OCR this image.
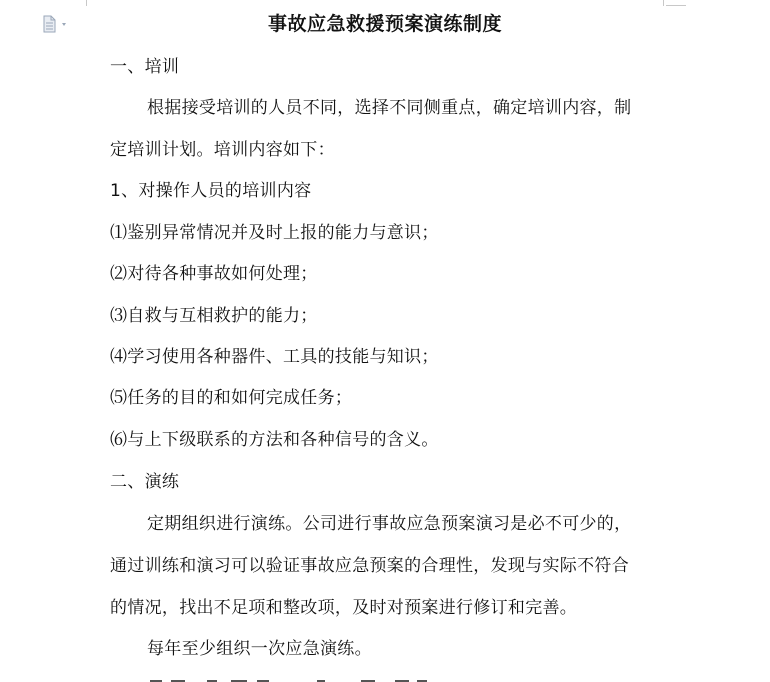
事故应急救援预案演练制度
一、培训
根据接受培训的人员不同，选择不同侧重点，确定培训内容，制
定培训计划。培训内容如下：
1、对操作人员的培训内容
⑴鉴别异常情况并及时上报的能力与意识；
⑵对待各种事故如何处理；
⑶自救与互相救护的能力；
⑷学习使用各种器件、工具的技能与知识；
⑸任务的目的和如何完成任务；
⑹与上下级联系的方法和各种信号的含义。
二、演练
定期组织进行演练。公司进行事故应急预案演习是必不可少的，
通过训练和演习可以验证事故应急预案的合理性，发现与实际不符合
的情况，找出不足项和整改项，及时对预案进行修订和完善。
每年至少组织一次应急演练。
